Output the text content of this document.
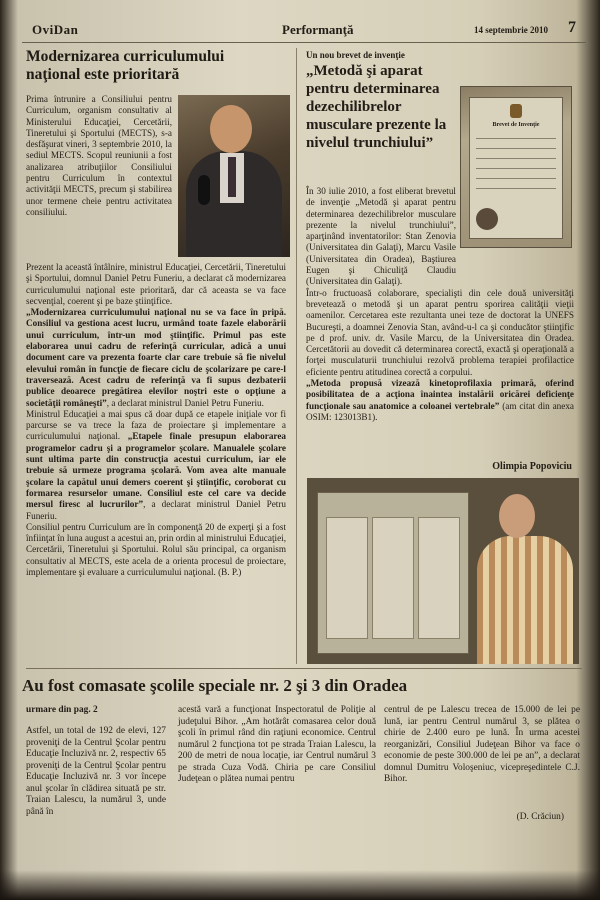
OviDan	Performanţă	14 septembrie 2010 7
Modernizarea curriculumului naţional este prioritară

Prima întrunire a Consiliului pentru Curriculum, organism consultativ al Ministerului Educaţiei, Cercetării, Tineretului şi Sportului (MECTS), s-a desfăşurat vineri, 3 septembrie 2010, la sediul MECTS. Scopul reuniunii a fost analizarea atribuţiilor Consiliului pentru Curriculum în contextul activităţii MECTS, precum şi stabilirea unor termene cheie pentru activitatea consiliului.

Prezent la această întâlnire, ministrul Educaţiei, Cercetării, Tineretului şi Sportului, domnul Daniel Petru Funeriu, a declarat că modernizarea curriculumului naţional este prioritară, dar că aceasta se va face secvenţial, coerent şi pe baze ştiinţifice.

„Modernizarea curriculumului naţional nu se va face în pripă. Consiliul va gestiona acest lucru, urmând toate fazele elaborării unui curriculum, într-un mod ştiinţific. Primul pas este elaborarea unui cadru de referinţă curricular, adică a unui document care va prezenta foarte clar care trebuie să fie nivelul elevului român în funcţie de fiecare ciclu de şcolarizare pe care-l traversează. Acest cadru de referinţă va fi supus dezbaterii publice deoarece pregătirea elevilor noştri este o opţiune a societăţii româneşti”, a declarat ministrul Daniel Petru Funeriu.

Ministrul Educaţiei a mai spus că doar după ce etapele iniţiale vor fi parcurse se va trece la faza de proiectare şi implementare a curriculumului naţional. „Etapele finale presupun elaborarea programelor cadru şi a programelor şcolare. Manualele şcolare sunt ultima parte din construcţia acestui curriculum, iar ele trebuie să urmeze programa şcolară. Vom avea alte manuale şcolare la capătul unui demers coerent şi ştiinţific, coroborat cu formarea resurselor umane. Consiliul este cel care va decide mersul firesc al lucrurilor”, a declarat ministrul Daniel Petru Funeriu.

Consiliul pentru Curriculum are în componenţă 20 de experţi şi a fost înfiinţat în luna august a acestui an, prin ordin al ministrului Educaţiei, Cercetării, Tineretului şi Sportului. Rolul său principal, ca organism consultativ al MECTS, este acela de a orienta procesul de proiectare, implementare şi evaluare a curriculumului naţional. (B. P.)

Un nou brevet de invenţie
„Metodă şi aparat pentru determinarea dezechilibrelor musculare prezente la nivelul trunchiului”
Brevet de Invenţie

În 30 iulie 2010, a fost eliberat brevetul de invenţie „Metodă şi aparat pentru determinarea dezechilibrelor musculare prezente la nivelul trunchiului”, aparţinând inventatorilor: Stan Zenovia (Universitatea din Galaţi), Marcu Vasile (Universitatea din Oradea), Baştiurea Eugen şi Chiculiţă Claudiu (Universitatea din Galaţi).

Într-o fructuoasă colaborare, specialişti din cele două universităţi brevetează o metodă şi un aparat pentru sporirea calităţii vieţii oamenilor. Cercetarea este rezultanta unei teze de doctorat la UNEFS Bucureşti, a doamnei Zenovia Stan, având-u-l ca şi conducător ştiinţific pe d prof. univ. dr. Vasile Marcu, de la Universitatea din Oradea. Cercetătorii au dovedit că determinarea corectă, exactă şi operaţională a forţei musculaturii trunchiului rezolvă problema terapiei profilactice eficiente pentru atitudinea corectă a corpului.

„Metoda propusă vizează kinetoprofilaxia primară, oferind posibilitatea de a acţiona înaintea instalării oricărei deficienţe funcţionale sau anatomice a coloanei vertebrale” (am citat din anexa OSIM: 123013B1).

Olimpia Popoviciu
Au fost comasate şcolile speciale nr. 2 şi 3 din Oradea

urmare din pag. 2

Astfel, un total de 192 de elevi, 127 proveniţi de la Centrul Şcolar pentru Educaţie Incluzivă nr. 2, respectiv 65 proveniţi de la Centrul Şcolar pentru Educaţie Incluzivă nr. 3 vor începe anul şcolar în clădirea situată pe str. Traian Lalescu, la numărul 3, unde până în

acestă vară a funcţionat Inspectoratul de Poliţie al judeţului Bihor. „Am hotărât comasarea celor două şcoli în primul rând din raţiuni economice. Centrul numărul 2 funcţiona tot pe strada Traian Lalescu, la 200 de metri de noua locaţie, iar Centrul numărul 3 pe strada Cuza Vodă. Chiria pe care Consiliul Judeţean o plătea numai pentru

centrul de pe Lalescu trecea de 15.000 de lei pe lună, iar pentru Centrul numărul 3, se plătea o chirie de 2.400 euro pe lună. În urma acestei reorganizări, Consiliul Judeţean Bihor va face o economie de peste 300.000 de lei pe an”, a declarat domnul Dumitru Voloşeniuc, vicepreşedintele C.J. Bihor.

(D. Crăciun)
